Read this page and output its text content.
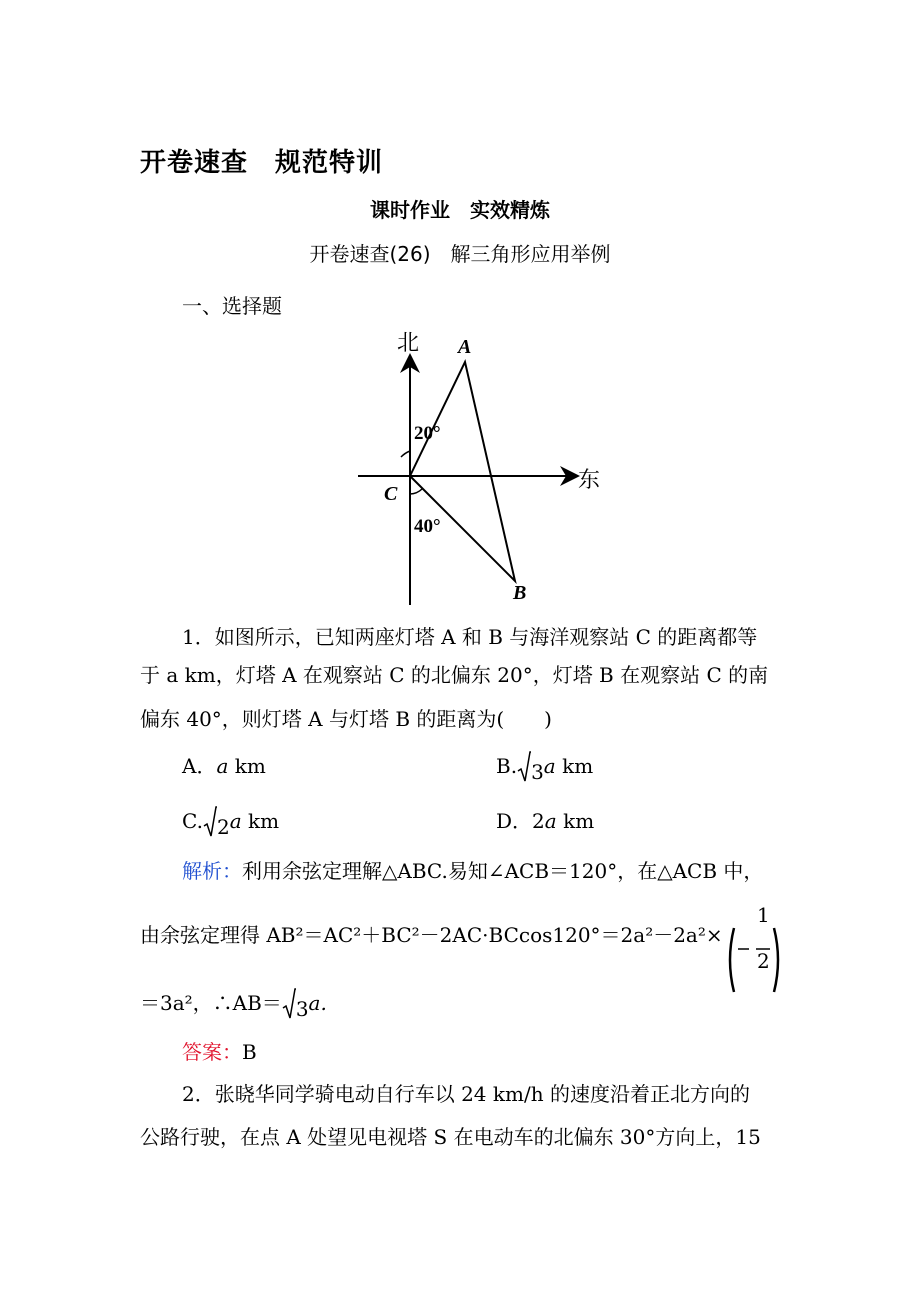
开卷速查　规范特训
课时作业　实效精炼
开卷速查(26)　解三角形应用举例
一、选择题
北
东
A
B
C
20°
40°
1．如图所示，已知两座灯塔 A 和 B 与海洋观察站 C 的距离都等
于 a km，灯塔 A 在观察站 C 的北偏东 20°，灯塔 B 在观察站 C 的南
偏东 40°，则灯塔 A 与灯塔 B 的距离为(　　)
A．a km	B. 3a km
C. 2a km	D．2a km
解析：利用余弦定理解△ABC.易知∠ACB＝120°，在△ACB 中，
由余弦定理得 AB²＝AC²＋BC²－2AC·BCcos120°＝2a²－2a²×
1
2
＝3a²，∴AB＝ 3a.
答案：B
2．张晓华同学骑电动自行车以 24 km/h 的速度沿着正北方向的
公路行驶，在点 A 处望见电视塔 S 在电动车的北偏东 30°方向上，15
